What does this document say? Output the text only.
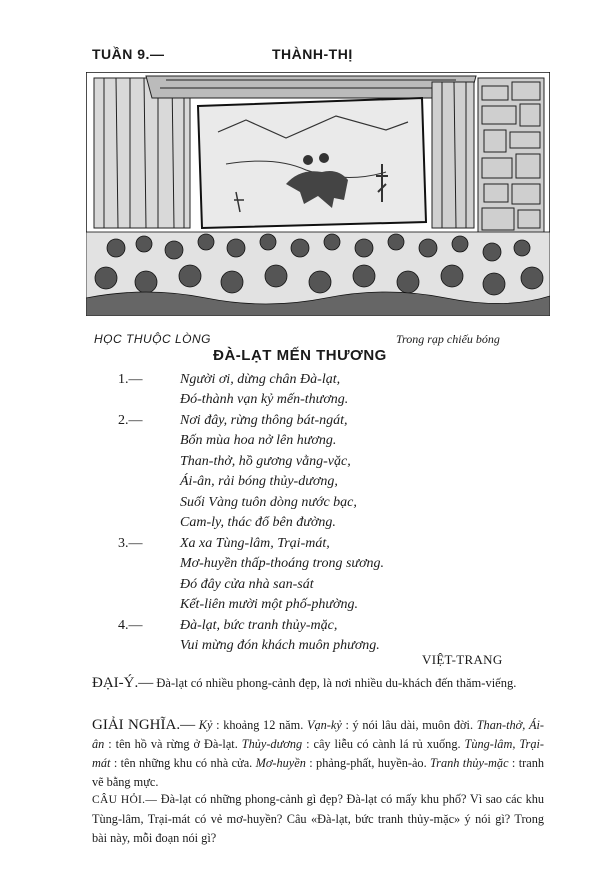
TUẦN 9.—	THÀNH-THỊ
HỌC THUỘC LÒNG	Trong rạp chiếu bóng
ĐÀ-LẠT MẾN THƯƠNG
1.—	Người ơi, dừng chân Đà-lạt,
Đó-thành vạn kỷ mến-thương.
2.—	Nơi đây, rừng thông bát-ngát,
Bốn mùa hoa nở lên hương.
Than-thở, hồ gương vằng-vặc,
Ái-ân, rải bóng thủy-dương,
Suối Vàng tuôn dòng nước bạc,
Cam-ly, thác đổ bên đường.
3.—	Xa xa Tùng-lâm, Trại-mát,
Mơ-huyền thấp-thoáng trong sương.
Đó đây cửa nhà san-sát
Kết-liên mười một phố-phường.
4.—	Đà-lạt, bức tranh thủy-mặc,
Vui mừng đón khách muôn phương.
VIỆT-TRANG
ĐẠI-Ý.— Đà-lạt có nhiều phong-cảnh đẹp, là nơi nhiều du-khách đến thăm-viếng.
GIẢI NGHĨA.— Kỷ : khoảng 12 năm. Vạn-kỷ : ý nói lâu dài, muôn đời. Than-thở, Ái-ân : tên hồ và rừng ở Đà-lạt. Thủy-dương : cây liễu có cành lá rủ xuống. Tùng-lâm, Trại-mát : tên những khu có nhà cửa. Mơ-huyền : phảng-phất, huyền-ảo. Tranh thủy-mặc : tranh vẽ bằng mực.
CÂU HỎI.— Đà-lạt có những phong-cảnh gì đẹp? Đà-lạt có mấy khu phố? Vì sao các khu Tùng-lâm, Trại-mát có vẻ mơ-huyền? Câu «Đà-lạt, bức tranh thủy-mặc» ý nói gì? Trong bài này, mỗi đoạn nói gì?
